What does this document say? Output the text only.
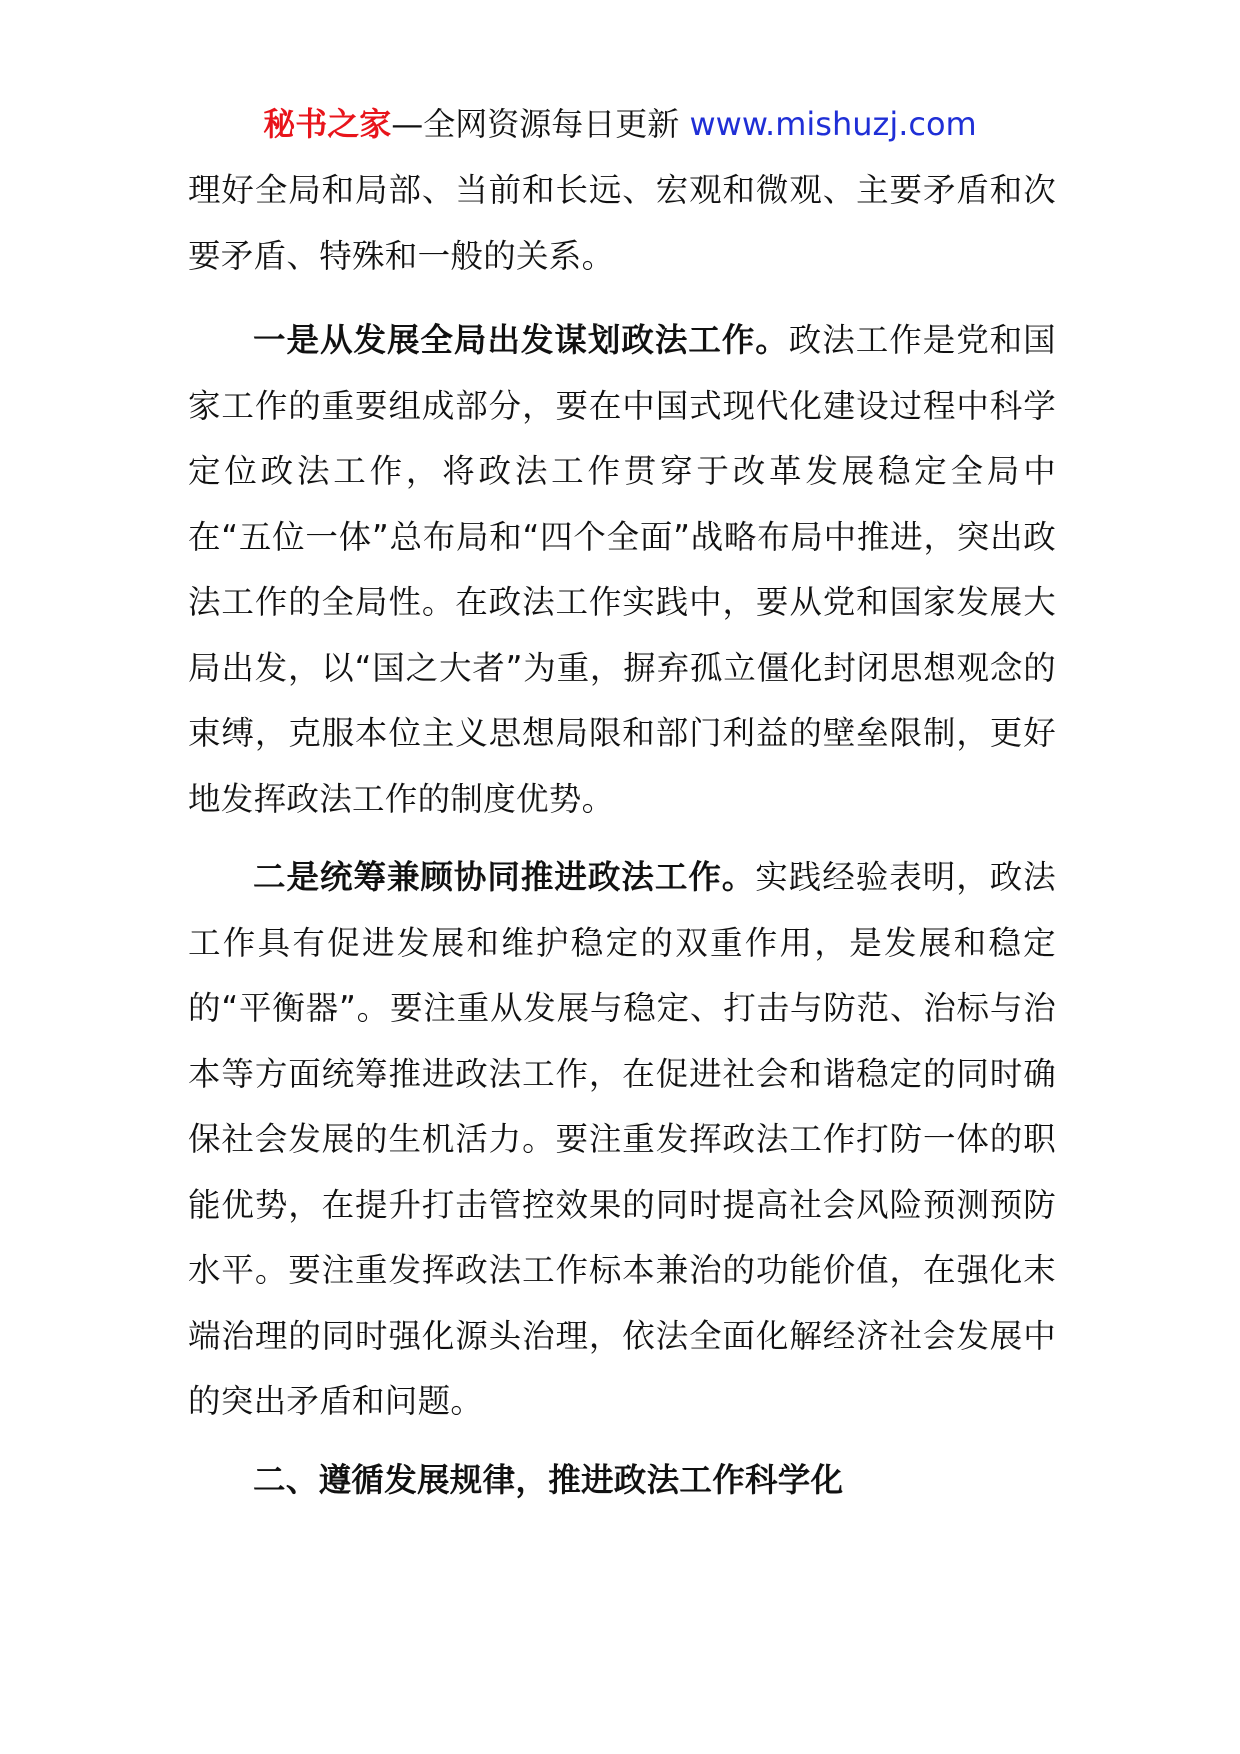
秘书之家—全网资源每日更新 www.mishuzj.com

理好全局和局部、当前和长远、宏观和微观、主要矛盾和次要矛盾、特殊和一般的关系。

一是从发展全局出发谋划政法工作。政法工作是党和国家工作的重要组成部分，要在中国式现代化建设过程中科学定位政法工作，将政法工作贯穿于改革发展稳定全局中在“五位一体”总布局和“四个全面”战略布局中推进，突出政法工作的全局性。在政法工作实践中，要从党和国家发展大局出发，以“国之大者”为重，摒弃孤立僵化封闭思想观念的束缚，克服本位主义思想局限和部门利益的壁垒限制，更好地发挥政法工作的制度优势。

二是统筹兼顾协同推进政法工作。实践经验表明，政法工作具有促进发展和维护稳定的双重作用，是发展和稳定的“平衡器”。要注重从发展与稳定、打击与防范、治标与治本等方面统筹推进政法工作，在促进社会和谐稳定的同时确保社会发展的生机活力。要注重发挥政法工作打防一体的职能优势，在提升打击管控效果的同时提高社会风险预测预防水平。要注重发挥政法工作标本兼治的功能价值，在强化末端治理的同时强化源头治理，依法全面化解经济社会发展中的突出矛盾和问题。

二、遵循发展规律，推进政法工作科学化
